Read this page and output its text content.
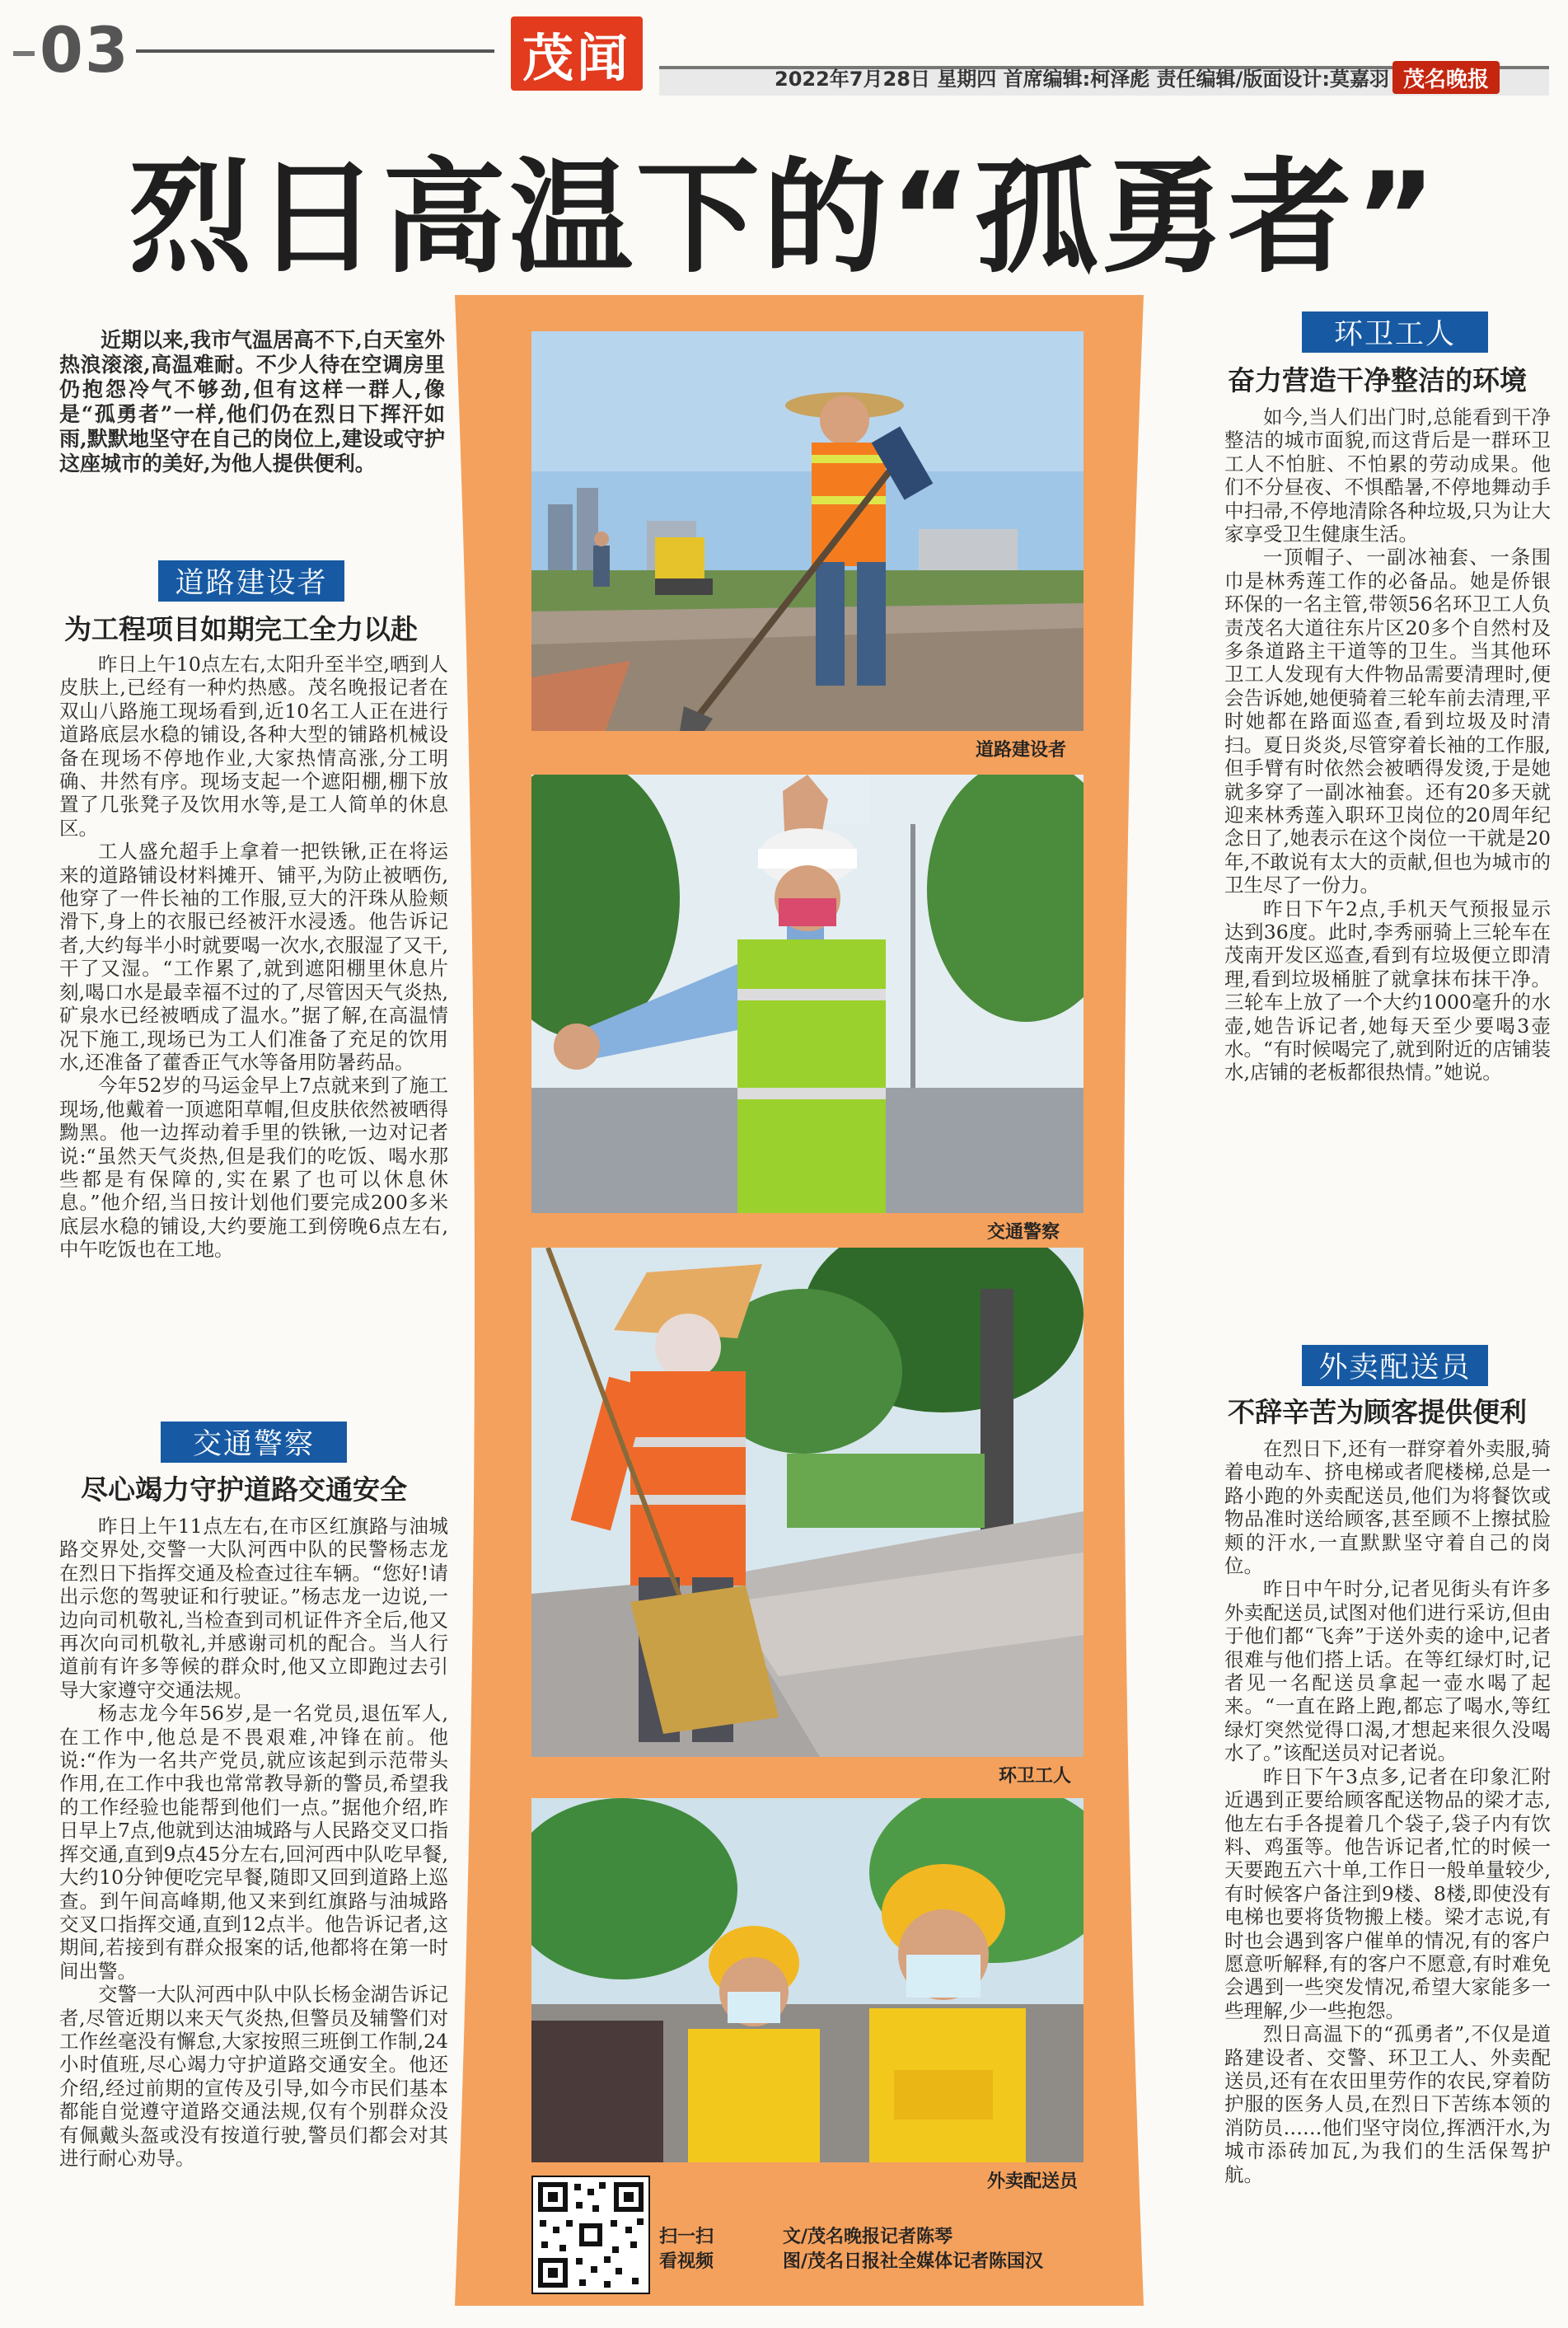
03	茂闻	2022年7月28日 星期四 首席编辑:柯泽彪 责任编辑/版面设计:莫嘉羽 茂名晚报
烈日高温下的“孤勇者”
近期以来,我市气温居高不下,白天室外热浪滚滚,高温难耐。不少人待在空调房里仍抱怨冷气不够劲,但有这样一群人,像是“孤勇者”一样,他们仍在烈日下挥汗如雨,默默地坚守在自己的岗位上,建设或守护这座城市的美好,为他人提供便利。
道路建设者
为工程项目如期完工全力以赴

昨日上午10点左右,太阳升至半空,晒到人皮肤上,已经有一种灼热感。茂名晚报记者在双山八路施工现场看到,近10名工人正在进行道路底层水稳的铺设,各种大型的铺路机械设备在现场不停地作业,大家热情高涨,分工明确、井然有序。现场支起一个遮阳棚,棚下放置了几张凳子及饮用水等,是工人简单的休息区。

工人盛允超手上拿着一把铁锹,正在将运来的道路铺设材料摊开、铺平,为防止被晒伤,他穿了一件长袖的工作服,豆大的汗珠从脸颊滑下,身上的衣服已经被汗水浸透。他告诉记者,大约每半小时就要喝一次水,衣服湿了又干,干了又湿。“工作累了,就到遮阳棚里休息片刻,喝口水是最幸福不过的了,尽管因天气炎热,矿泉水已经被晒成了温水。”据了解,在高温情况下施工,现场已为工人们准备了充足的饮用水,还准备了藿香正气水等备用防暑药品。

今年52岁的马运金早上7点就来到了施工现场,他戴着一顶遮阳草帽,但皮肤依然被晒得黝黑。他一边挥动着手里的铁锹,一边对记者说:“虽然天气炎热,但是我们的吃饭、喝水那些都是有保障的,实在累了也可以休息休息。”他介绍,当日按计划他们要完成200多米底层水稳的铺设,大约要施工到傍晚6点左右,中午吃饭也在工地。

交通警察
尽心竭力守护道路交通安全

昨日上午11点左右,在市区红旗路与油城路交界处,交警一大队河西中队的民警杨志龙在烈日下指挥交通及检查过往车辆。“您好!请出示您的驾驶证和行驶证。”杨志龙一边说,一边向司机敬礼,当检查到司机证件齐全后,他又再次向司机敬礼,并感谢司机的配合。当人行道前有许多等候的群众时,他又立即跑过去引导大家遵守交通法规。

杨志龙今年56岁,是一名党员,退伍军人,在工作中,他总是不畏艰难,冲锋在前。他说:“作为一名共产党员,就应该起到示范带头作用,在工作中我也常常教导新的警员,希望我的工作经验也能帮到他们一点。”据他介绍,昨日早上7点,他就到达油城路与人民路交叉口指挥交通,直到9点45分左右,回河西中队吃早餐,大约10分钟便吃完早餐,随即又回到道路上巡查。到午间高峰期,他又来到红旗路与油城路交叉口指挥交通,直到12点半。他告诉记者,这期间,若接到有群众报案的话,他都将在第一时间出警。

交警一大队河西中队中队长杨金湖告诉记者,尽管近期以来天气炎热,但警员及辅警们对工作丝毫没有懈怠,大家按照三班倒工作制,24小时值班,尽心竭力守护道路交通安全。他还介绍,经过前期的宣传及引导,如今市民们基本都能自觉遵守道路交通法规,仅有个别群众没有佩戴头盔或没有按道行驶,警员们都会对其进行耐心劝导。

环卫工人
奋力营造干净整洁的环境

如今,当人们出门时,总能看到干净整洁的城市面貌,而这背后是一群环卫工人不怕脏、不怕累的劳动成果。他们不分昼夜、不惧酷暑,不停地舞动手中扫帚,不停地清除各种垃圾,只为让大家享受卫生健康生活。

一顶帽子、一副冰袖套、一条围巾是林秀莲工作的必备品。她是侨银环保的一名主管,带领56名环卫工人负责茂名大道往东片区20多个自然村及多条道路主干道等的卫生。当其他环卫工人发现有大件物品需要清理时,便会告诉她,她便骑着三轮车前去清理,平时她都在路面巡查,看到垃圾及时清扫。夏日炎炎,尽管穿着长袖的工作服,但手臂有时依然会被晒得发烫,于是她就多穿了一副冰袖套。还有20多天就迎来林秀莲入职环卫岗位的20周年纪念日了,她表示在这个岗位一干就是20年,不敢说有太大的贡献,但也为城市的卫生尽了一份力。

昨日下午2点,手机天气预报显示达到36度。此时,李秀丽骑上三轮车在茂南开发区巡查,看到有垃圾便立即清理,看到垃圾桶脏了就拿抹布抹干净。三轮车上放了一个大约1000毫升的水壶,她告诉记者,她每天至少要喝3壶水。“有时候喝完了,就到附近的店铺装水,店铺的老板都很热情。”她说。

外卖配送员
不辞辛苦为顾客提供便利

在烈日下,还有一群穿着外卖服,骑着电动车、挤电梯或者爬楼梯,总是一路小跑的外卖配送员,他们为将餐饮或物品准时送给顾客,甚至顾不上擦拭脸颊的汗水,一直默默坚守着自己的岗位。

昨日中午时分,记者见街头有许多外卖配送员,试图对他们进行采访,但由于他们都“飞奔”于送外卖的途中,记者很难与他们搭上话。在等红绿灯时,记者见一名配送员拿起一壶水喝了起来。“一直在路上跑,都忘了喝水,等红绿灯突然觉得口渴,才想起来很久没喝水了。”该配送员对记者说。

昨日下午3点多,记者在印象汇附近遇到正要给顾客配送物品的梁才志,他左右手各提着几个袋子,袋子内有饮料、鸡蛋等。他告诉记者,忙的时候一天要跑五六十单,工作日一般单量较少,有时候客户备注到9楼、8楼,即使没有电梯也要将货物搬上楼。梁才志说,有时也会遇到客户催单的情况,有的客户愿意听解释,有的客户不愿意,有时难免会遇到一些突发情况,希望大家能多一些理解,少一些抱怨。

烈日高温下的“孤勇者”,不仅是道路建设者、交警、环卫工人、外卖配送员,还有在农田里劳作的农民,穿着防护服的医务人员,在烈日下苦练本领的消防员……他们坚守岗位,挥洒汗水,为城市添砖加瓦,为我们的生活保驾护航。

道路建设者
交通警察
环卫工人
外卖配送员
扫一扫
看视频
文/茂名晚报记者陈琴
图/茂名日报社全媒体记者陈国汉
